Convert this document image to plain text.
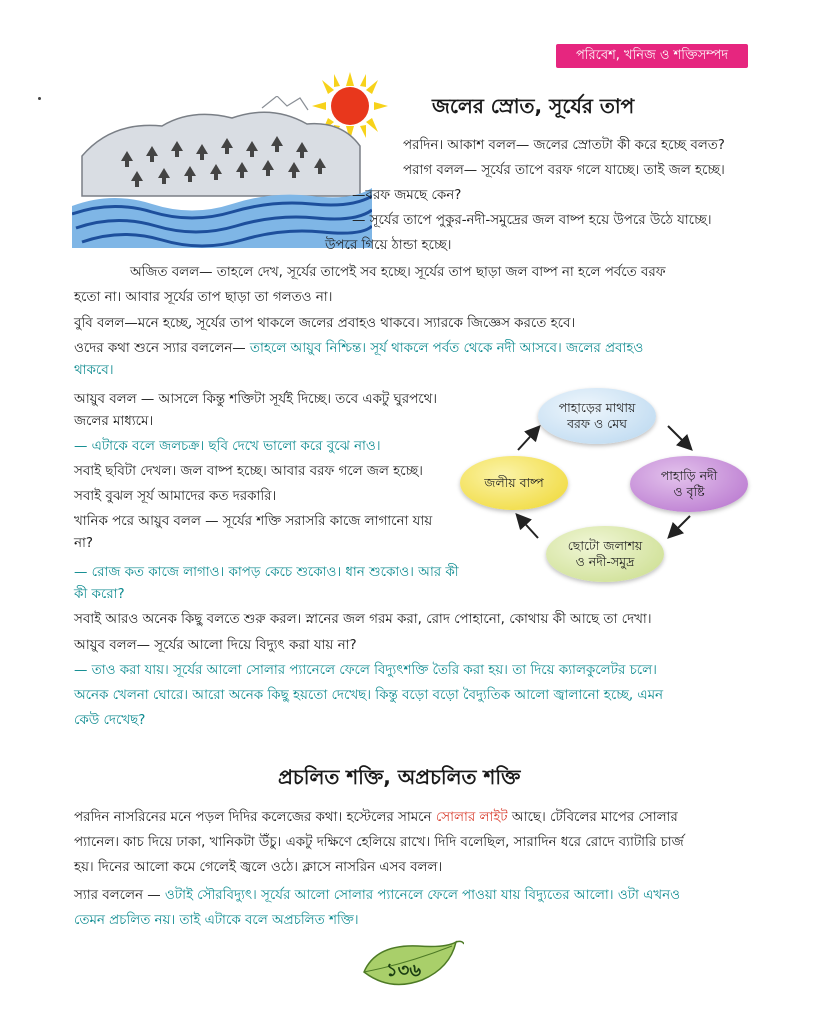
পরিবেশ, খনিজ ও শক্তিসম্পদ
জলের স্রোত, সূর্যের তাপ
পরদিন। আকাশ বলল— জলের স্রোতটা কী করে হচ্ছে বলত?
পরাগ বলল— সূর্যের তাপে বরফ গলে যাচ্ছে। তাই জল হচ্ছে।
—বরফ জমছে কেন?
— সূর্যের তাপে পুকুর-নদী-সমুদ্রের জল বাষ্প হয়ে উপরে উঠে যাচ্ছে।
উপরে গিয়ে ঠান্ডা হচ্ছে।
অজিত বলল— তাহলে দেখ, সূর্যের তাপেই সব হচ্ছে। সূর্যের তাপ ছাড়া জল বাষ্প না হলে পর্বতে বরফ
হতো না। আবার সূর্যের তাপ ছাড়া তা গলতও না।
বুবি বলল—মনে হচ্ছে, সূর্যের তাপ থাকলে জলের প্রবাহও থাকবে। স্যারকে জিজ্ঞেস করতে হবে।
ওদের কথা শুনে স্যার বললেন— তাহলে আয়ুব নিশ্চিন্ত। সূর্য থাকলে পর্বত থেকে নদী আসবে। জলের প্রবাহও
থাকবে।
আয়ুব বলল — আসলে কিন্তু শক্তিটা সূর্যই দিচ্ছে। তবে একটু ঘুরপথে।
জলের মাধ্যমে।
— এটাকে বলে জলচক্র। ছবি দেখে ভালো করে বুঝে নাও।
সবাই ছবিটা দেখল। জল বাষ্প হচ্ছে। আবার বরফ গলে জল হচ্ছে।
সবাই বুঝল সূর্য আমাদের কত দরকারি।
খানিক পরে আয়ুব বলল — সূর্যের শক্তি সরাসরি কাজে লাগানো যায়
না?
— রোজ কত কাজে লাগাও। কাপড় কেচে শুকোও। ধান শুকোও। আর কী
কী করো?
পাহাড়ের মাথায়
বরফ ও মেঘ
পাহাড়ি নদী
ও বৃষ্টি
ছোটো জলাশয়
ও নদী-সমুদ্র
জলীয় বাষ্প
সবাই আরও অনেক কিছু বলতে শুরু করল। স্নানের জল গরম করা, রোদ পোহানো, কোথায় কী আছে তা দেখা।
আয়ুব বলল— সূর্যের আলো দিয়ে বিদ্যুৎ করা যায় না?
— তাও করা যায়। সূর্যের আলো সোলার প্যানেলে ফেলে বিদ্যুৎশক্তি তৈরি করা হয়। তা দিয়ে ক্যালকুলেটর চলে।
অনেক খেলনা ঘোরে। আরো অনেক কিছু হয়তো দেখেছ। কিন্তু বড়ো বড়ো বৈদ্যুতিক আলো জ্বালানো হচ্ছে, এমন
কেউ দেখেছ?
প্রচলিত শক্তি, অপ্রচলিত শক্তি
পরদিন নাসরিনের মনে পড়ল দিদির কলেজের কথা। হস্টেলের সামনে সোলার লাইট আছে। টেবিলের মাপের সোলার
প্যানেল। কাচ দিয়ে ঢাকা, খানিকটা উঁচু। একটু দক্ষিণে হেলিয়ে রাখে। দিদি বলেছিল, সারাদিন ধরে রোদে ব্যাটারি চার্জ
হয়। দিনের আলো কমে গেলেই জ্বলে ওঠে। ক্লাসে নাসরিন এসব বলল।
স্যার বললেন — ওটাই সৌরবিদ্যুৎ। সূর্যের আলো সোলার প্যানেলে ফেলে পাওয়া যায় বিদ্যুতের আলো। ওটা এখনও
তেমন প্রচলিত নয়। তাই এটাকে বলে অপ্রচলিত শক্তি।
১৩৬
